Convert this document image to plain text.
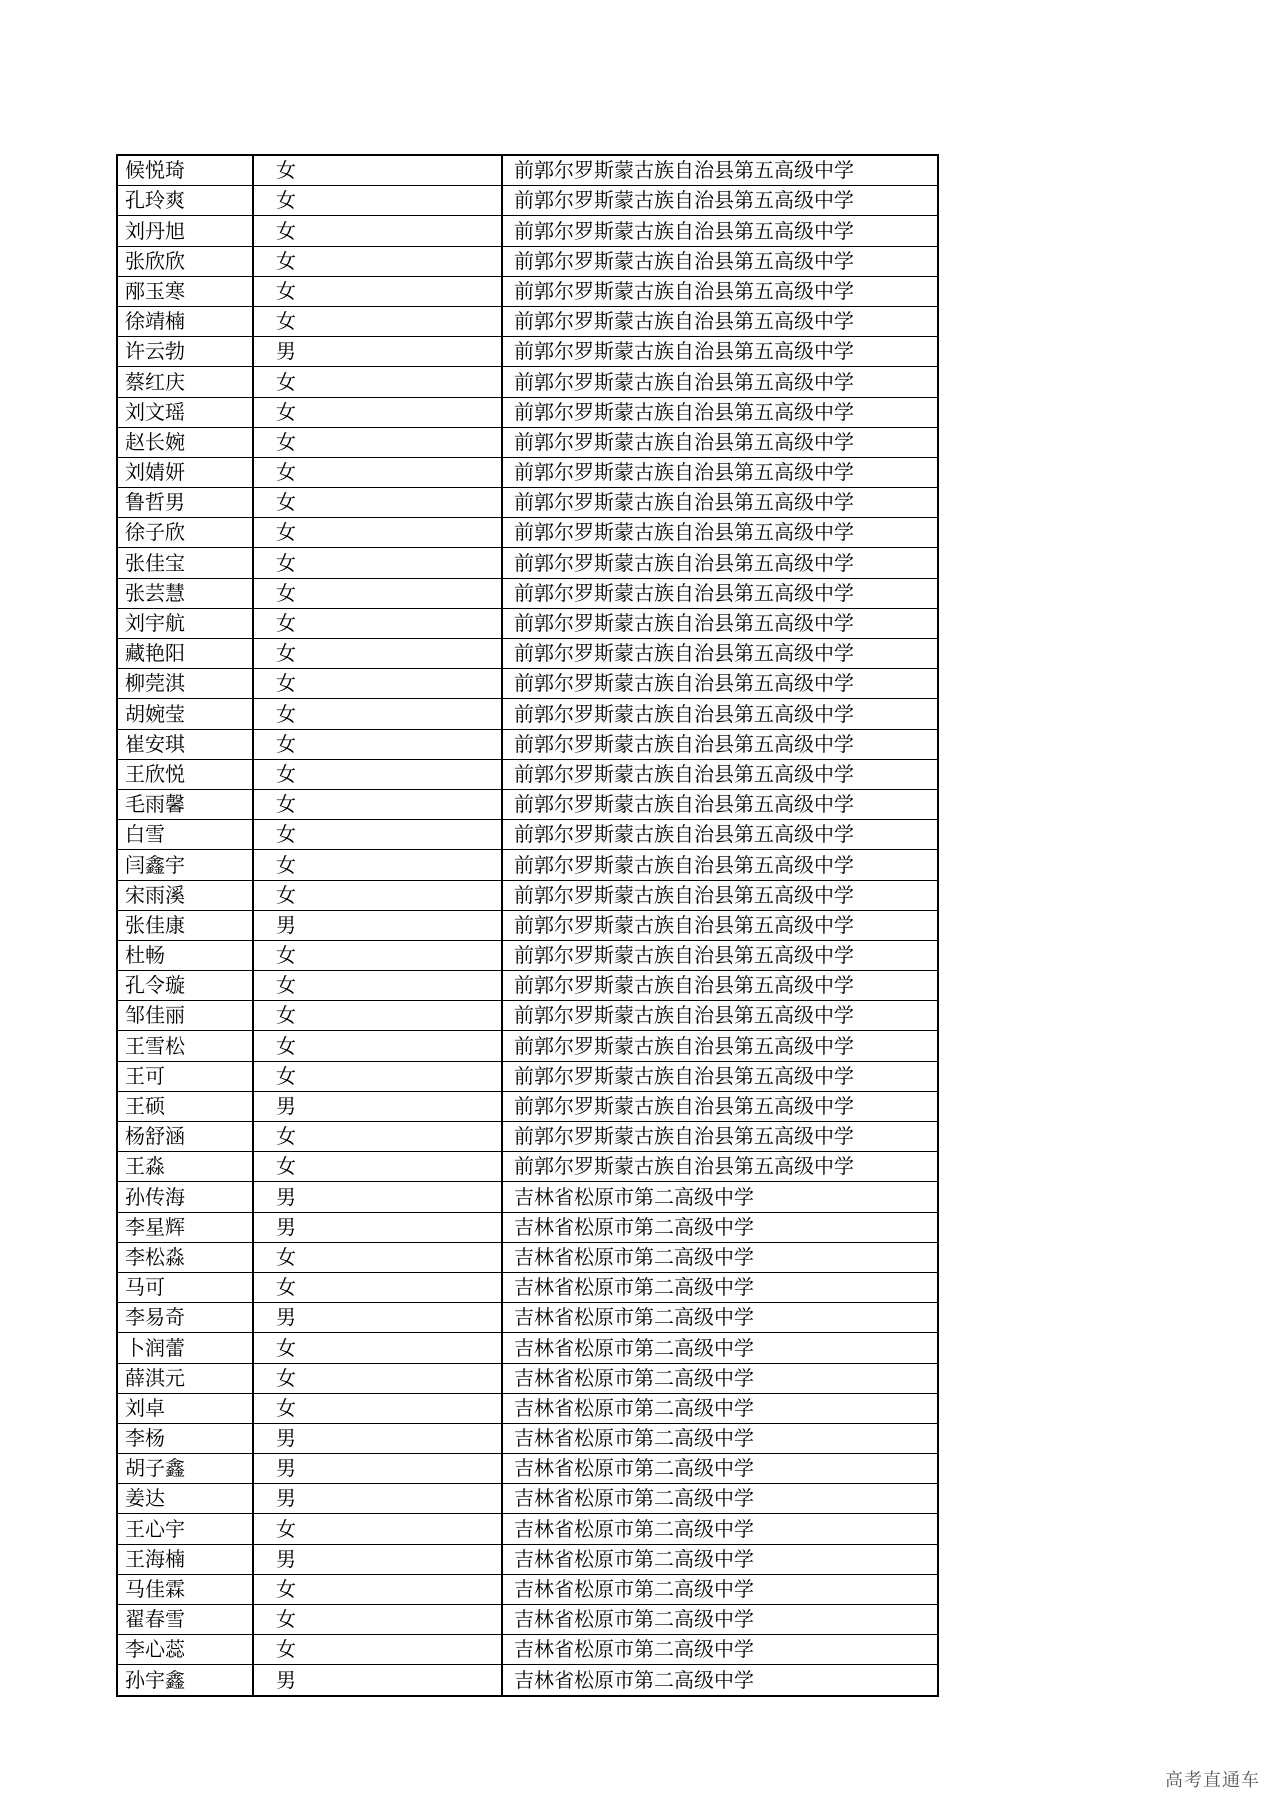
候悦琦	女	前郭尔罗斯蒙古族自治县第五高级中学
孔玲爽	女	前郭尔罗斯蒙古族自治县第五高级中学
刘丹旭	女	前郭尔罗斯蒙古族自治县第五高级中学
张欣欣	女	前郭尔罗斯蒙古族自治县第五高级中学
邴玉寒	女	前郭尔罗斯蒙古族自治县第五高级中学
徐靖楠	女	前郭尔罗斯蒙古族自治县第五高级中学
许云勃	男	前郭尔罗斯蒙古族自治县第五高级中学
蔡红庆	女	前郭尔罗斯蒙古族自治县第五高级中学
刘文瑶	女	前郭尔罗斯蒙古族自治县第五高级中学
赵长婉	女	前郭尔罗斯蒙古族自治县第五高级中学
刘婧妍	女	前郭尔罗斯蒙古族自治县第五高级中学
鲁哲男	女	前郭尔罗斯蒙古族自治县第五高级中学
徐子欣	女	前郭尔罗斯蒙古族自治县第五高级中学
张佳宝	女	前郭尔罗斯蒙古族自治县第五高级中学
张芸慧	女	前郭尔罗斯蒙古族自治县第五高级中学
刘宇航	女	前郭尔罗斯蒙古族自治县第五高级中学
藏艳阳	女	前郭尔罗斯蒙古族自治县第五高级中学
柳莞淇	女	前郭尔罗斯蒙古族自治县第五高级中学
胡婉莹	女	前郭尔罗斯蒙古族自治县第五高级中学
崔安琪	女	前郭尔罗斯蒙古族自治县第五高级中学
王欣悦	女	前郭尔罗斯蒙古族自治县第五高级中学
毛雨馨	女	前郭尔罗斯蒙古族自治县第五高级中学
白雪	女	前郭尔罗斯蒙古族自治县第五高级中学
闫鑫宇	女	前郭尔罗斯蒙古族自治县第五高级中学
宋雨溪	女	前郭尔罗斯蒙古族自治县第五高级中学
张佳康	男	前郭尔罗斯蒙古族自治县第五高级中学
杜畅	女	前郭尔罗斯蒙古族自治县第五高级中学
孔令璇	女	前郭尔罗斯蒙古族自治县第五高级中学
邹佳丽	女	前郭尔罗斯蒙古族自治县第五高级中学
王雪松	女	前郭尔罗斯蒙古族自治县第五高级中学
王可	女	前郭尔罗斯蒙古族自治县第五高级中学
王硕	男	前郭尔罗斯蒙古族自治县第五高级中学
杨舒涵	女	前郭尔罗斯蒙古族自治县第五高级中学
王淼	女	前郭尔罗斯蒙古族自治县第五高级中学
孙传海	男	吉林省松原市第二高级中学
李星辉	男	吉林省松原市第二高级中学
李松淼	女	吉林省松原市第二高级中学
马可	女	吉林省松原市第二高级中学
李易奇	男	吉林省松原市第二高级中学
卜润蕾	女	吉林省松原市第二高级中学
薛淇元	女	吉林省松原市第二高级中学
刘卓	女	吉林省松原市第二高级中学
李杨	男	吉林省松原市第二高级中学
胡子鑫	男	吉林省松原市第二高级中学
姜达	男	吉林省松原市第二高级中学
王心宇	女	吉林省松原市第二高级中学
王海楠	男	吉林省松原市第二高级中学
马佳霖	女	吉林省松原市第二高级中学
翟春雪	女	吉林省松原市第二高级中学
李心蕊	女	吉林省松原市第二高级中学
孙宇鑫	男	吉林省松原市第二高级中学
高考直通车
